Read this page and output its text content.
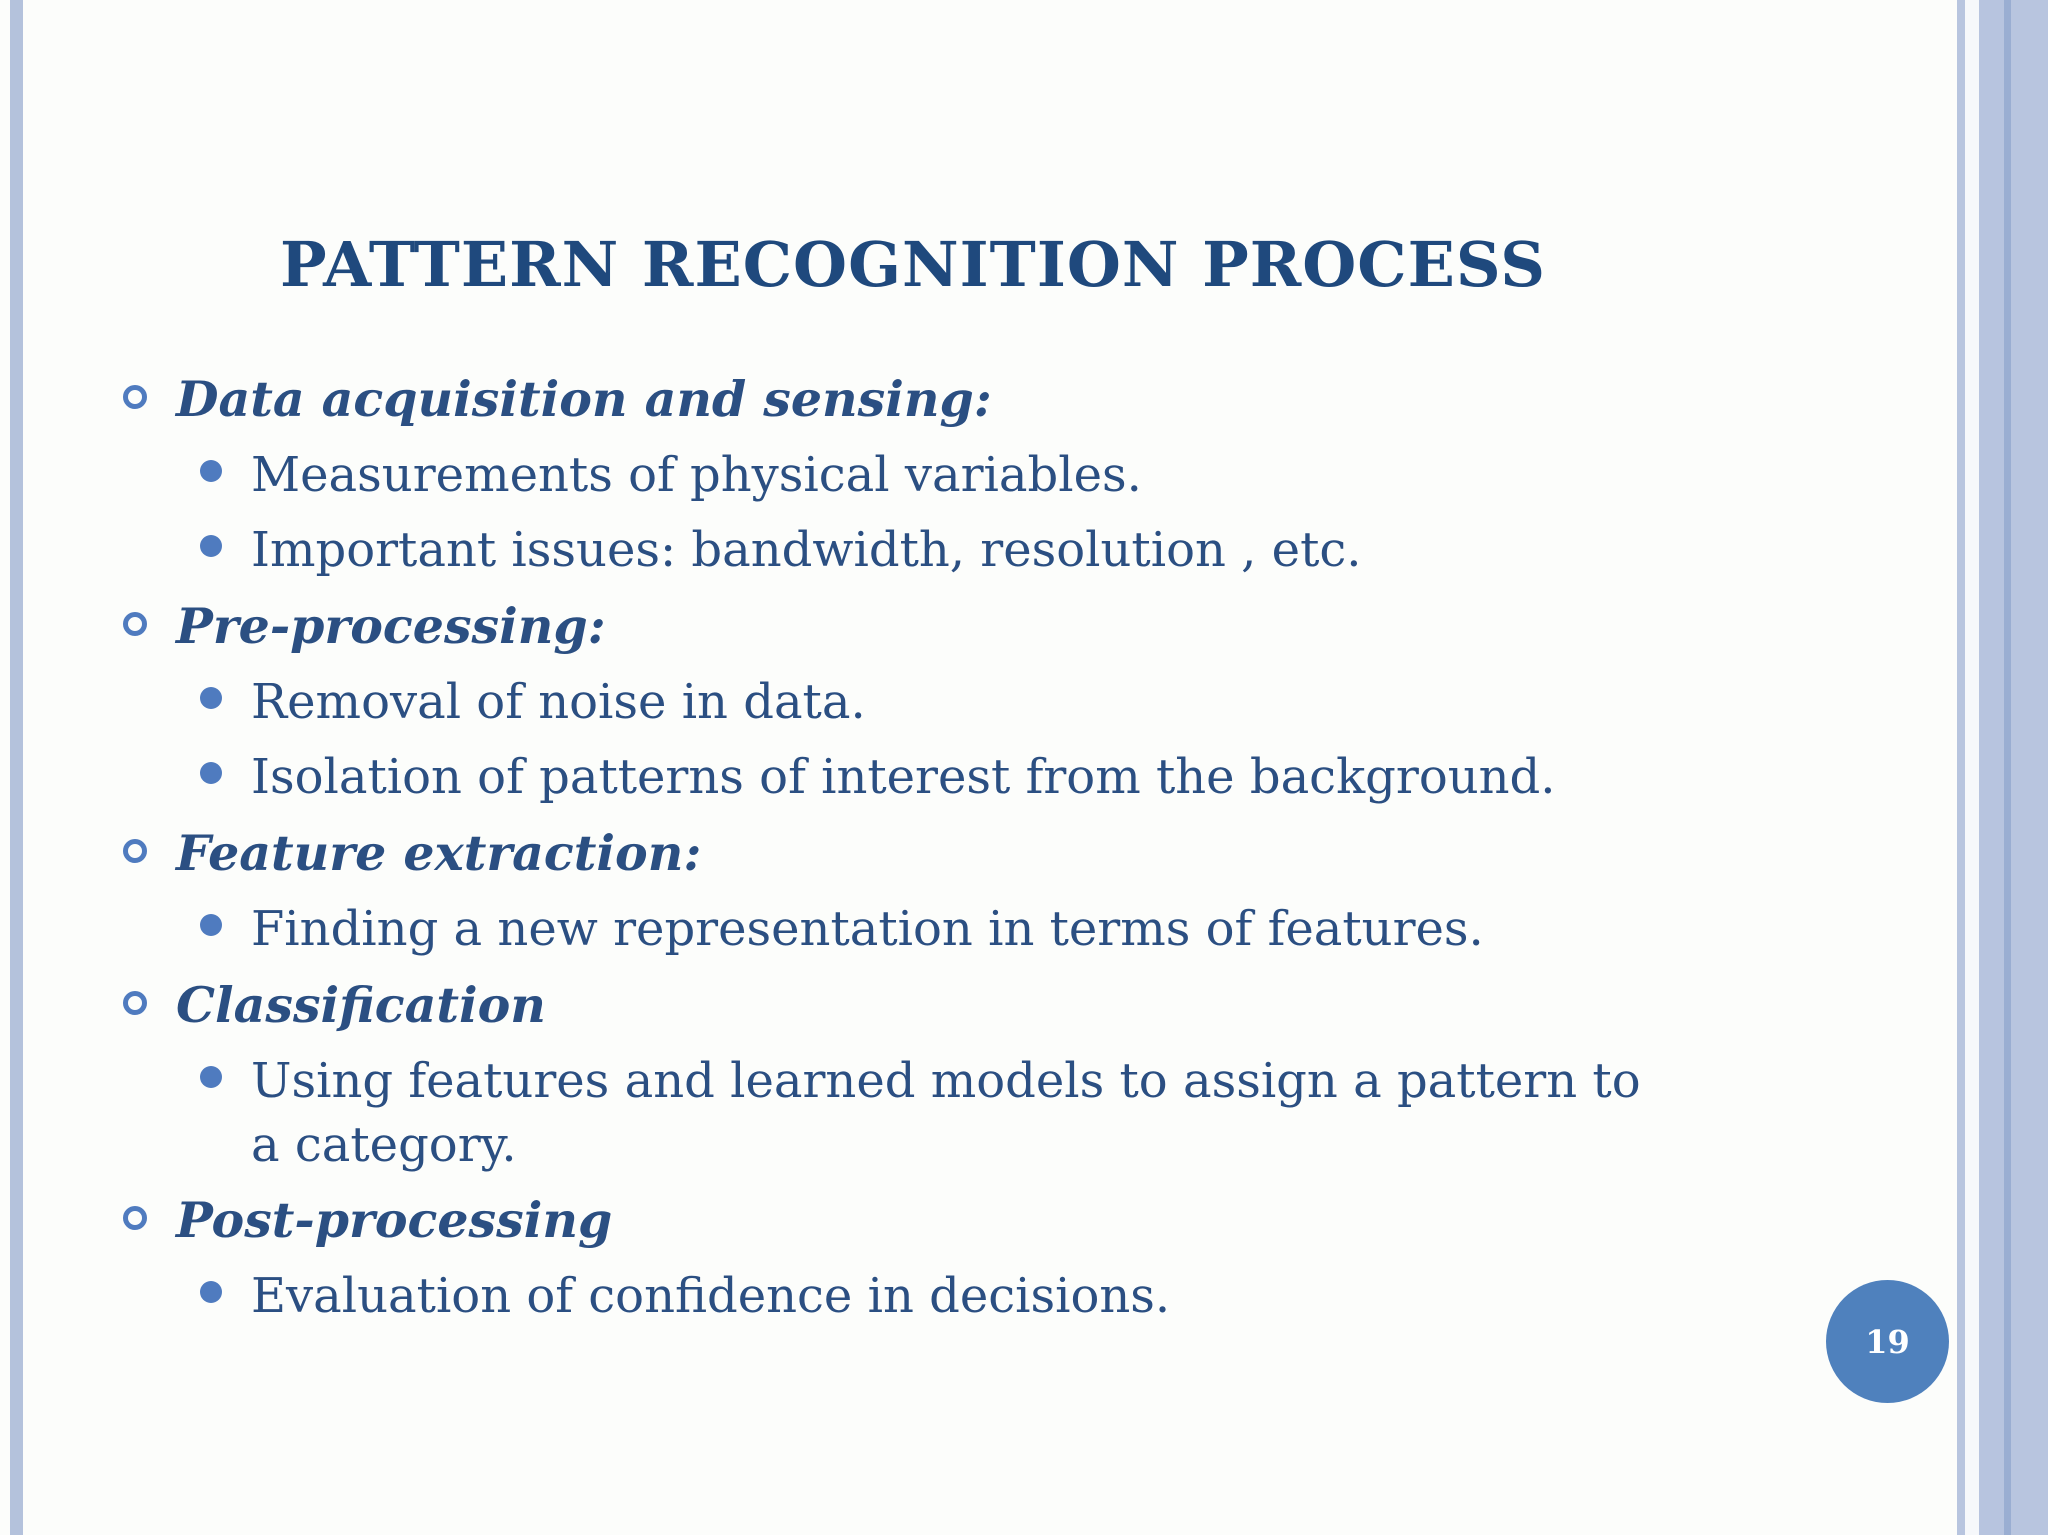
PATTERN RECOGNITION PROCESS
Data acquisition and sensing:
Measurements of physical variables.
Important issues: bandwidth, resolution , etc.
Pre-processing:
Removal of noise in data.
Isolation of patterns of interest from the background.
Feature extraction:
Finding a new representation in terms of features.
Classification
Using features and learned models to assign a pattern to a category.
Post-processing
Evaluation of confidence in decisions.
19
